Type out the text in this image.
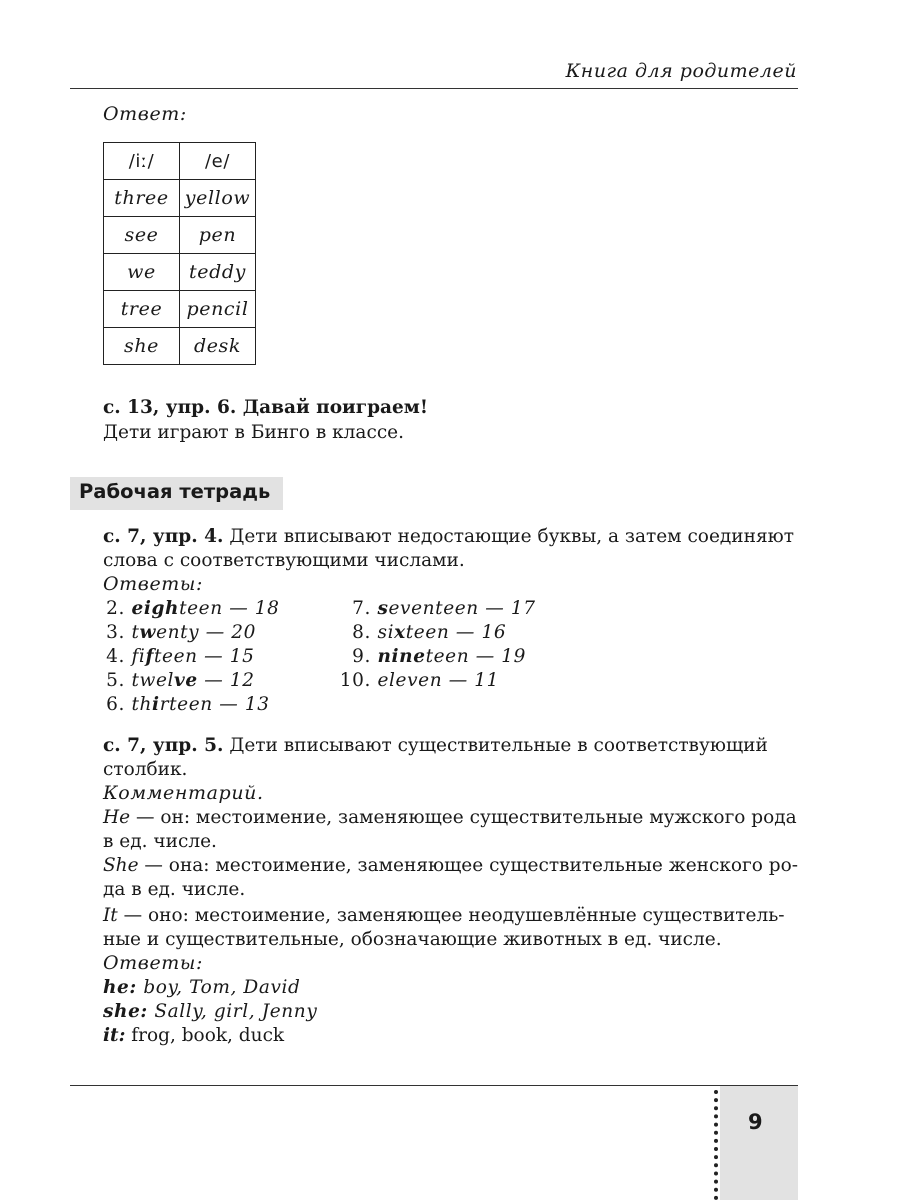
Книга для родителей
Ответ:
/iː/	/e/
three	yellow
see	pen
we	teddy
tree	pencil
she	desk
с. 13, упр. 6. Давай поиграем!
Дети играют в Бинго в классе.
Рабочая тетрадь
с. 7, упр. 4. Дети вписывают недостающие буквы, а затем соединяют
слова с соответствующими числами.
Ответы:
2. eighteen — 18
3. twenty — 20
4. fifteen — 15
5. twelve — 12
6. thirteen — 13
7. seventeen — 17
8. sixteen — 16
9. nineteen — 19
10. eleven — 11
с. 7, упр. 5. Дети вписывают существительные в соответствующий
столбик.
Комментарий.
He — он: местоимение, заменяющее существительные мужского рода
в ед. числе.
She — она: местоимение, заменяющее существительные женского ро-
да в ед. числе.
It — оно: местоимение, заменяющее неодушевлённые существитель-
ные и существительные, обозначающие животных в ед. числе.
Ответы:
he: boy, Tom, David
she: Sally, girl, Jenny
it: frog, book, duck
9
